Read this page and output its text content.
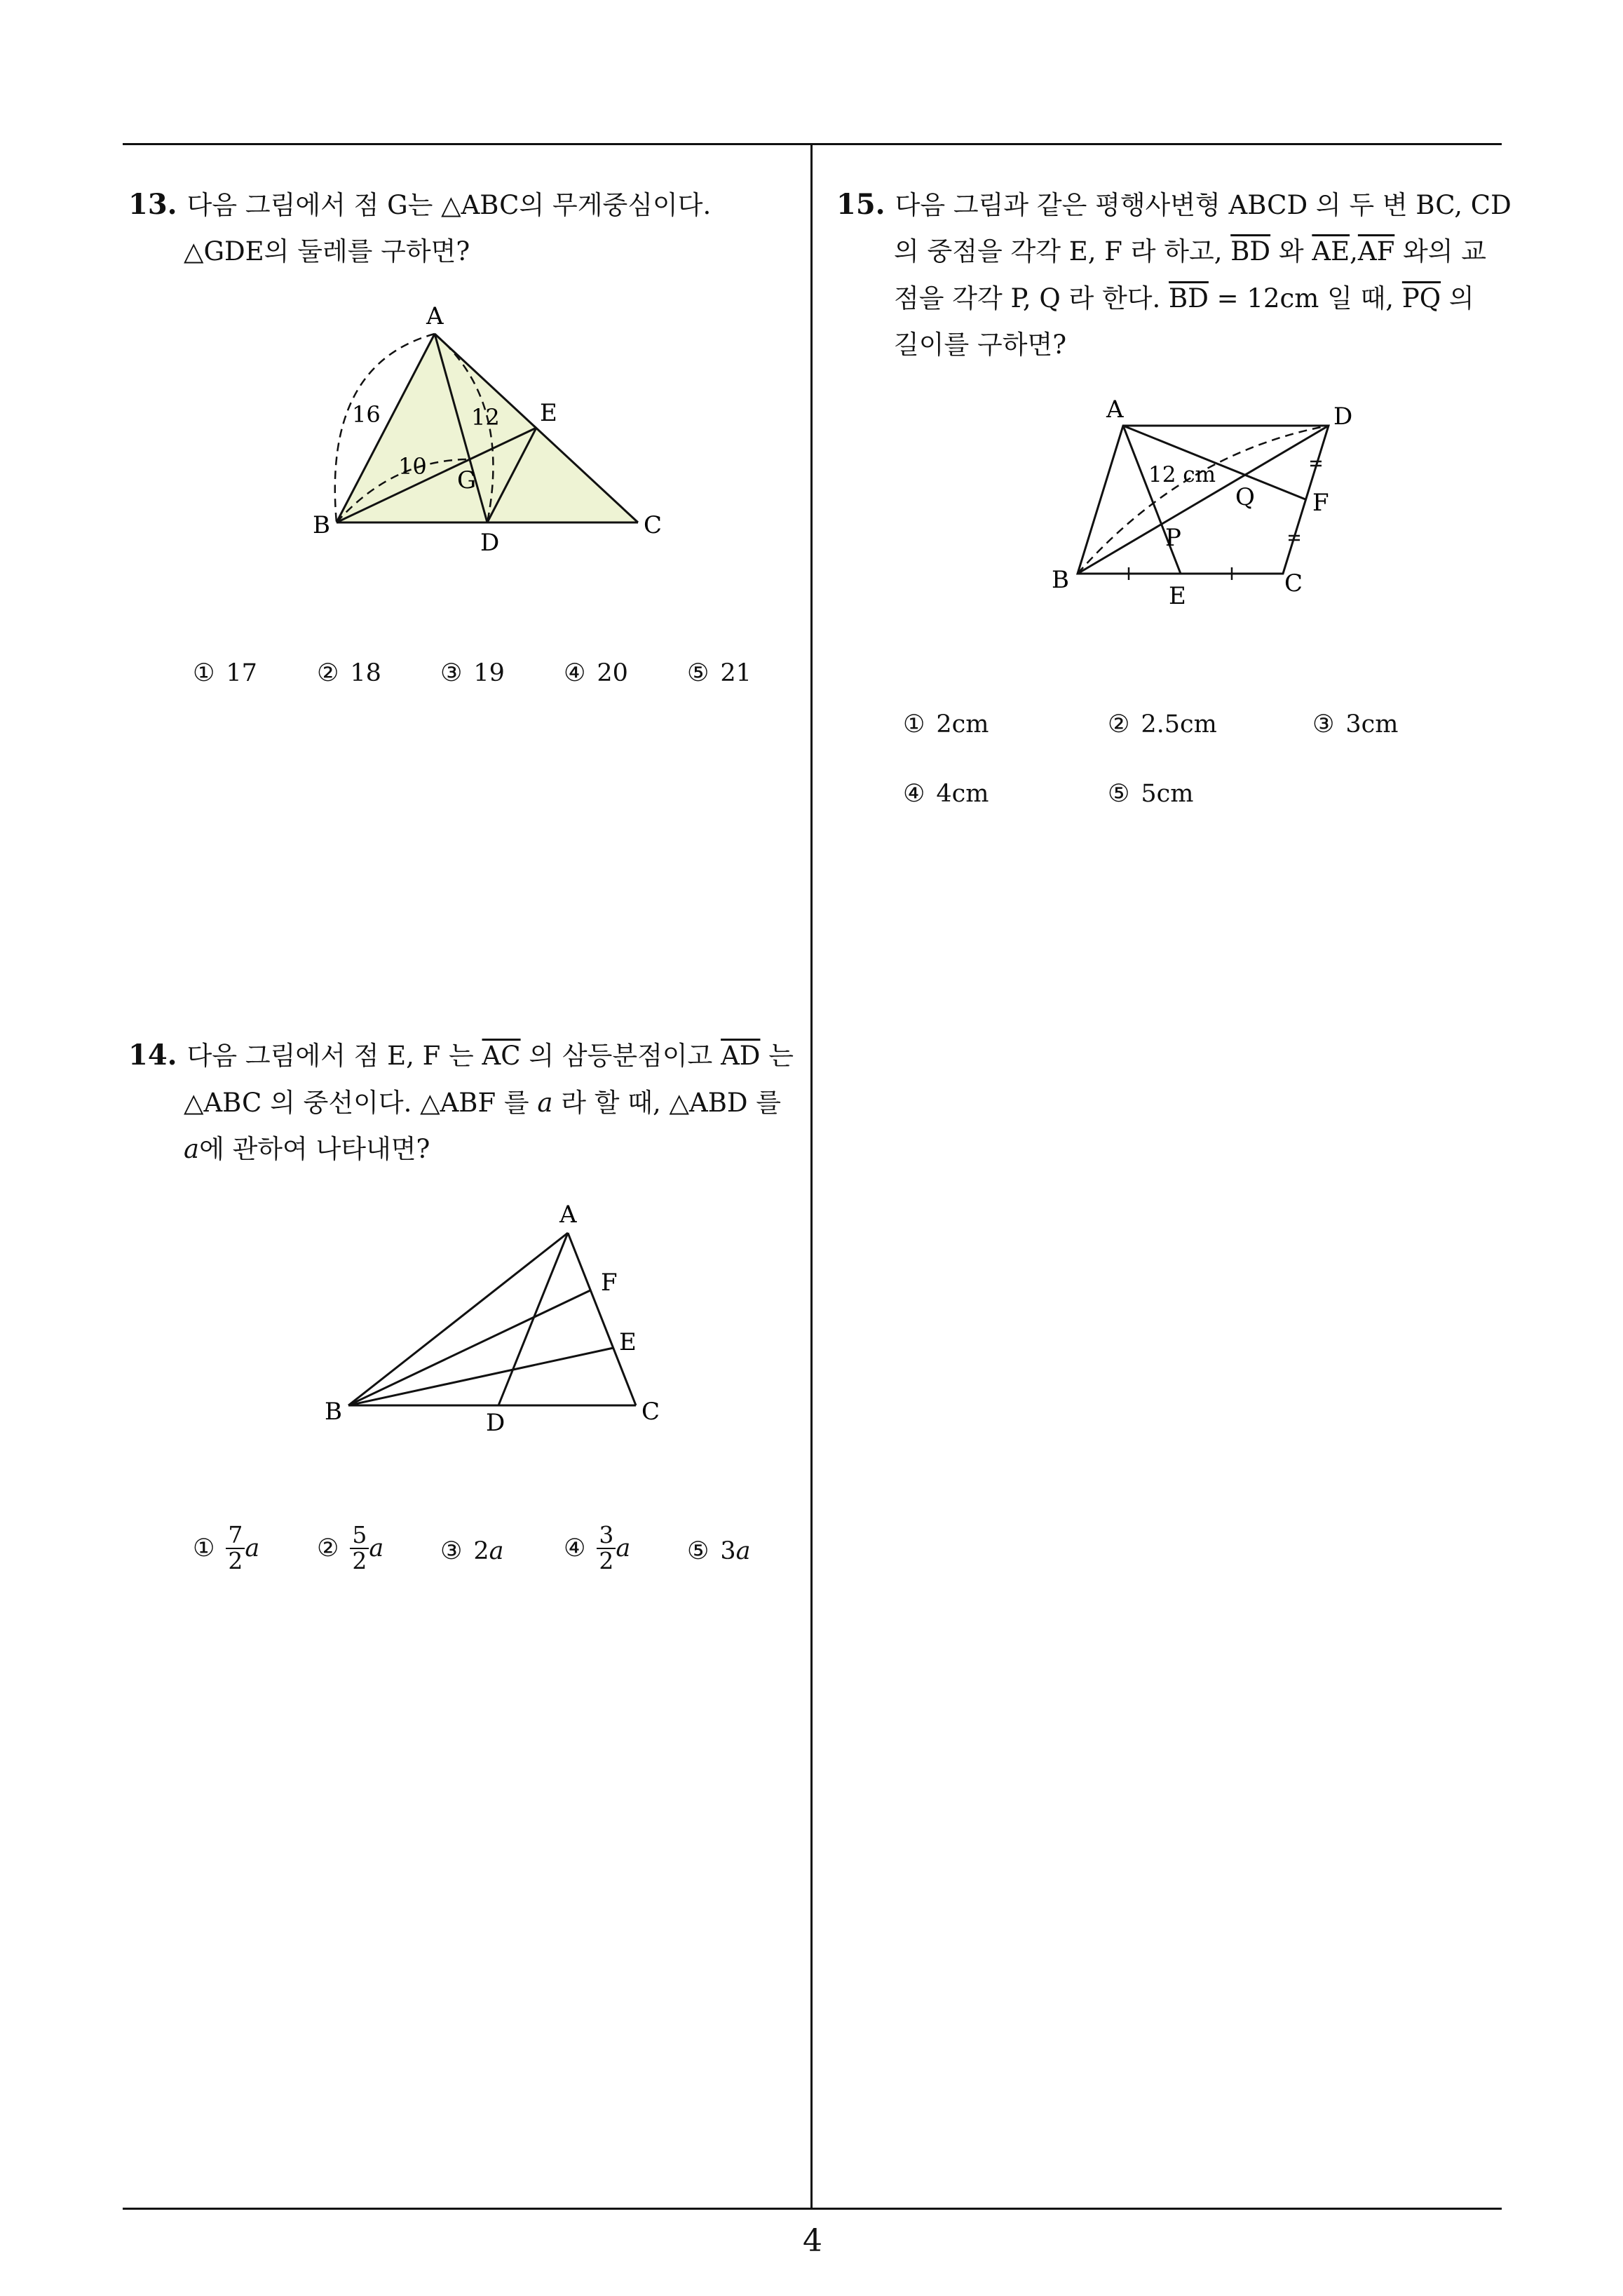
13. 다음 그림에서 점 G는 △ABC의 무게중심이다.
△GDE의 둘레를 구하면?
A
B	C
D
E
G
16	12
10
① 17 ② 18 ③ 19 ④ 20 ⑤ 21
14. 다음 그림에서 점 E, F 는 $\overline{AC}$ 의 삼등분점이고 $\overline{AD}$ 는
△ABC 의 중선이다. △ABF 를 a 라 할 때, △ABD 를
a에 관하여 나타내면?
A
B	C
D
E
F
① $\frac{7}{2}$ a ② $\frac{5}{2}$ a ③ 2 a ④ $\frac{3}{2}$ a ⑤ 3 a
15. 다음 그림과 같은 평행사변형 ABCD 의 두 변 BC, CD
의 중점을 각각 E, F 라 하고, $\overline{BD}$ 와 $\overline{AE},\overline{AF}$ 와의 교
점을 각각 P, Q 라 한다. $\overline{BD} = 12cm$ 일 때, $\overline{PQ}$ 의
길이를 구하면?
A
B	C
D
E
F
P
Q
12 cm
① 2cm	② 2.5cm	③ 3cm
④ 4cm	⑤ 5cm
4
